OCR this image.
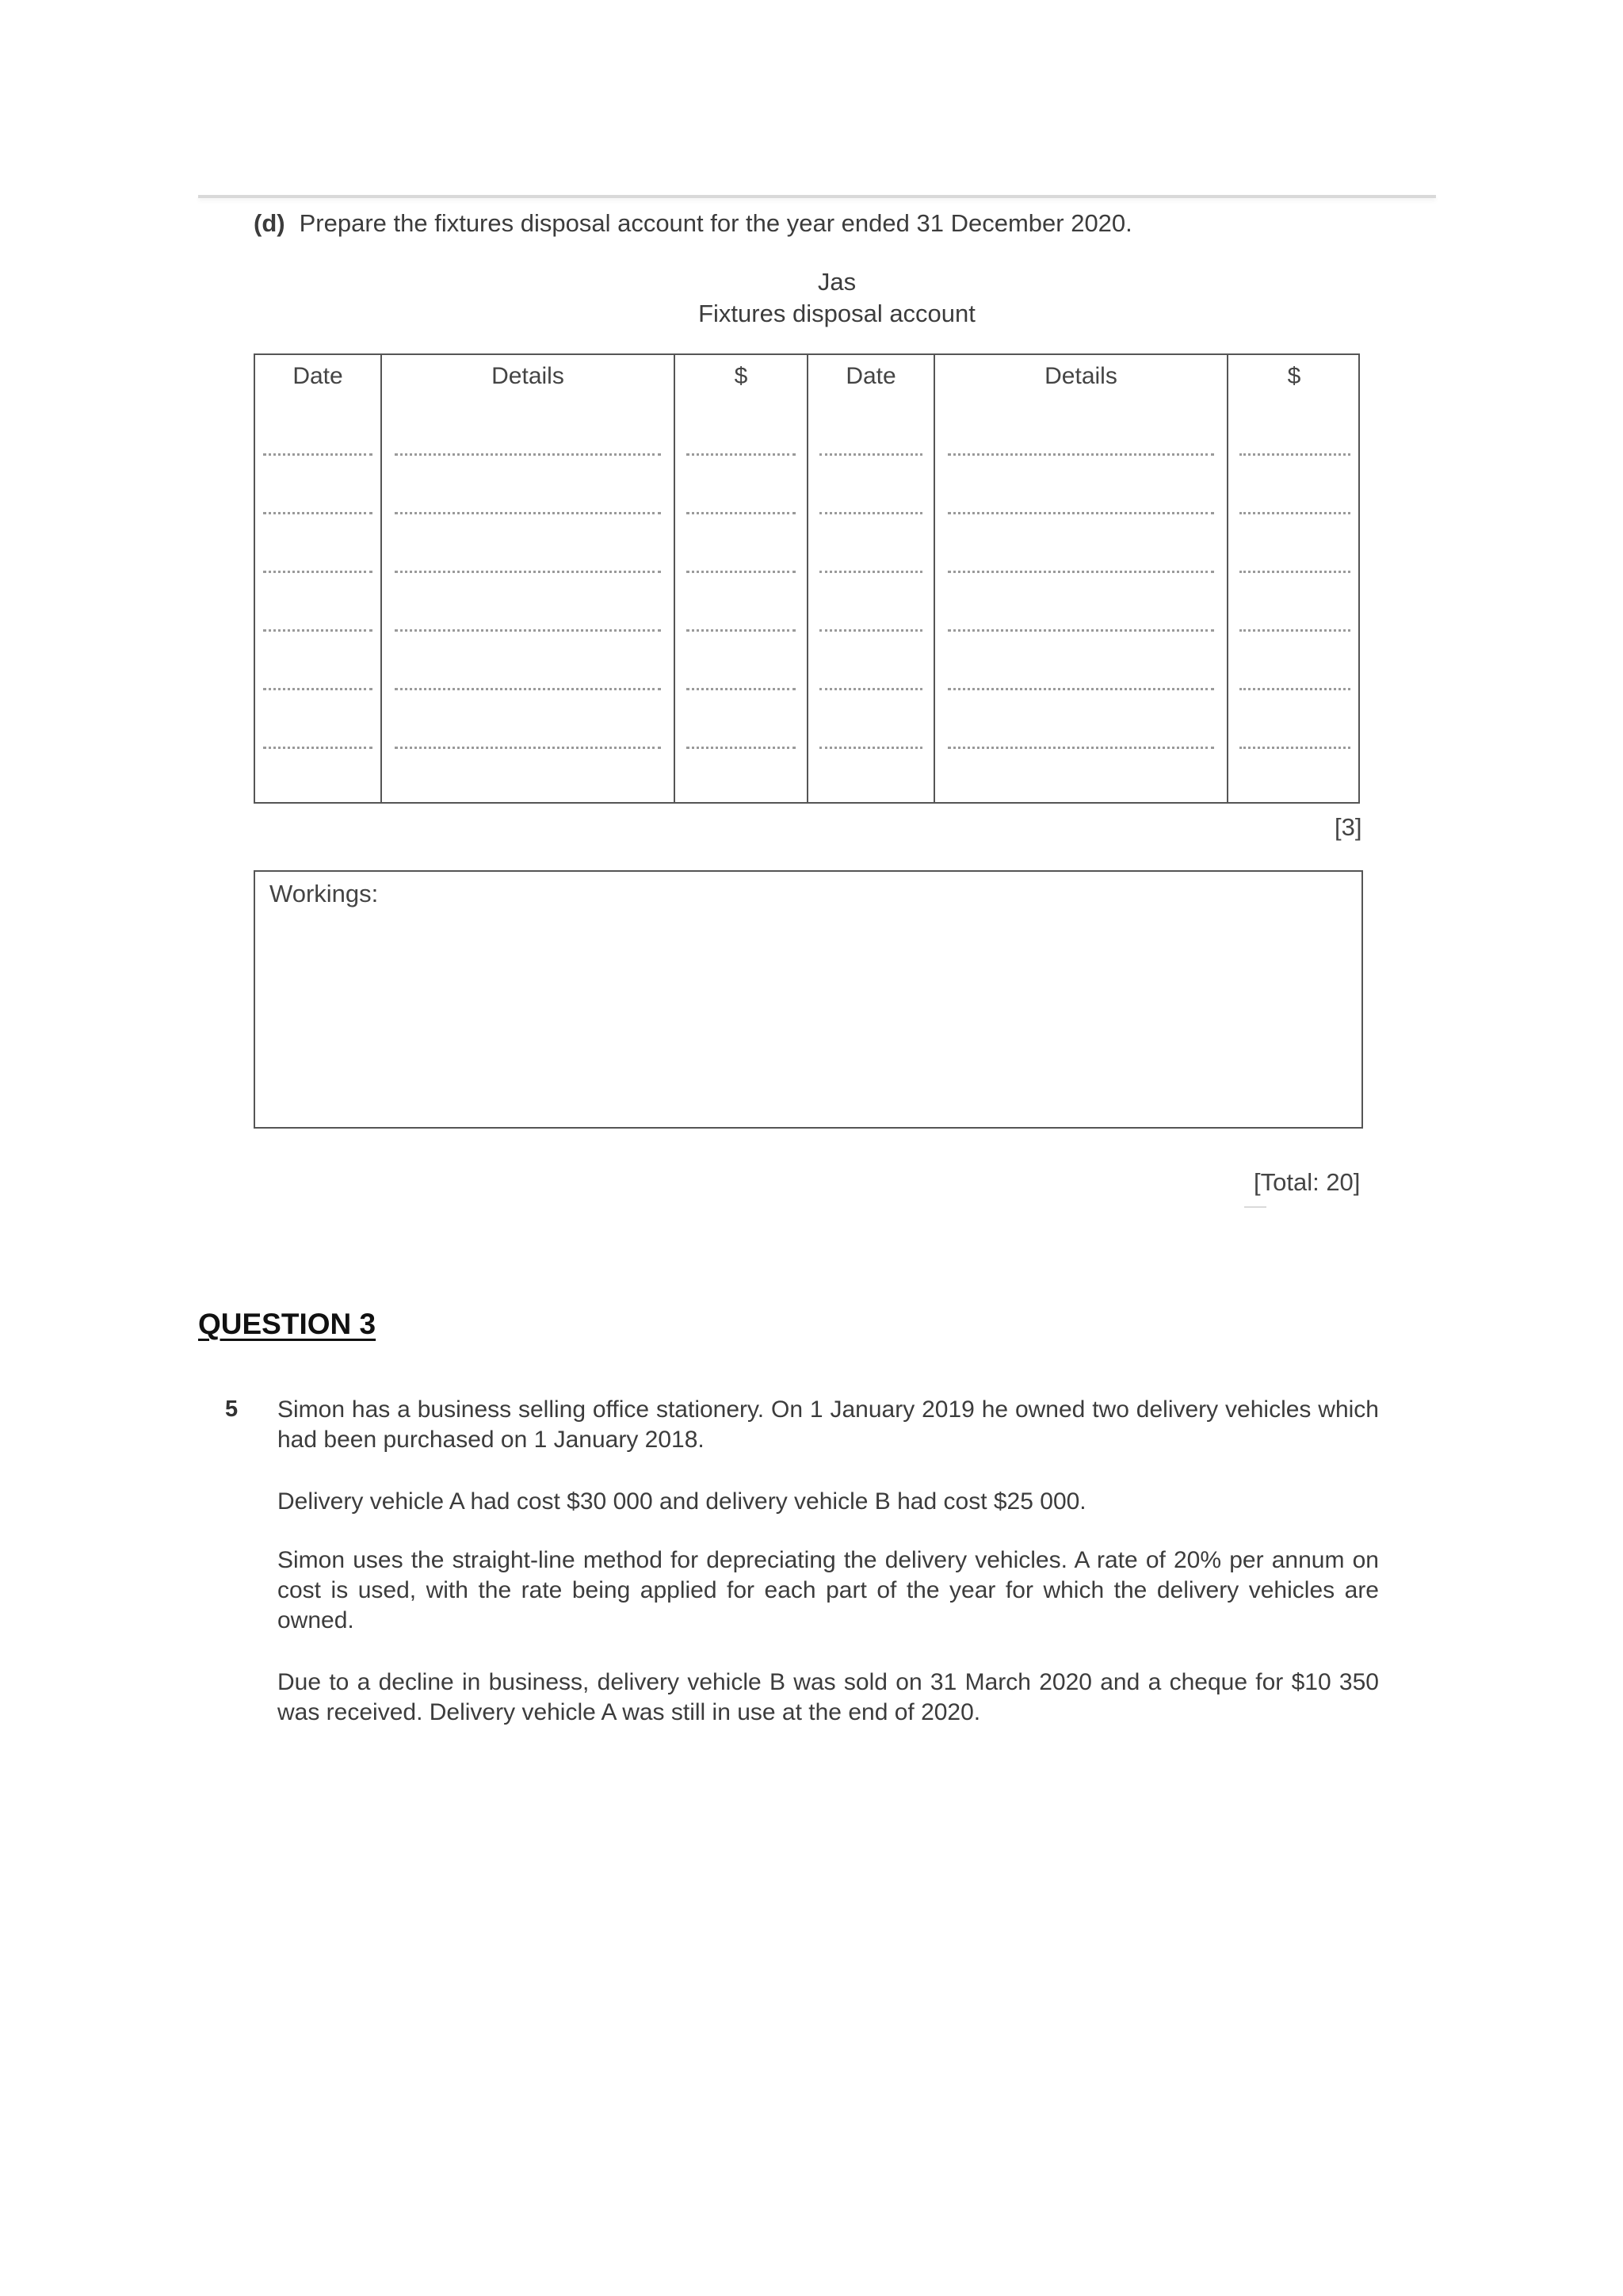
(d) Prepare the fixtures disposal account for the year ended 31 December 2020.
Jas
Fixtures disposal account
Date	Details	$	Date	Details	$
[3]
Workings:
[Total: 20]
QUESTION 3
5 Simon has a business selling office stationery. On 1 January 2019 he owned two delivery vehicles which had been purchased on 1 January 2018.
Delivery vehicle A had cost $30 000 and delivery vehicle B had cost $25 000.
Simon uses the straight-line method for depreciating the delivery vehicles. A rate of 20% per annum on cost is used, with the rate being applied for each part of the year for which the delivery vehicles are owned.
Due to a decline in business, delivery vehicle B was sold on 31 March 2020 and a cheque for $10 350 was received. Delivery vehicle A was still in use at the end of 2020.
